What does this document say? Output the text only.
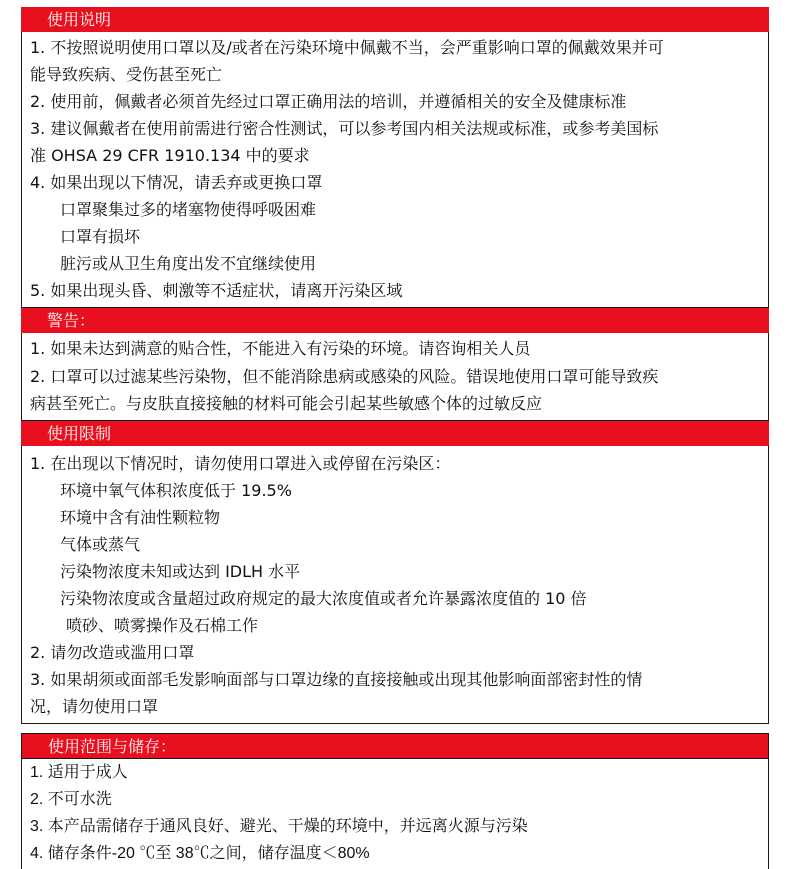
使用说明
1. 不按照说明使用口罩以及/或者在污染环境中佩戴不当，会严重影响口罩的佩戴效果并可
能导致疾病、受伤甚至死亡
2. 使用前，佩戴者必须首先经过口罩正确用法的培训，并遵循相关的安全及健康标准
3. 建议佩戴者在使用前需进行密合性测试，可以参考国内相关法规或标准，或参考美国标
准 OHSA 29 CFR 1910.134 中的要求
4. 如果出现以下情况，请丢弃或更换口罩
口罩聚集过多的堵塞物使得呼吸困难
口罩有损坏
脏污或从卫生角度出发不宜继续使用
5. 如果出现头昏、刺激等不适症状，请离开污染区域
警告：
1. 如果未达到满意的贴合性，不能进入有污染的环境。请咨询相关人员
2. 口罩可以过滤某些污染物，但不能消除患病或感染的风险。错误地使用口罩可能导致疾
病甚至死亡。与皮肤直接接触的材料可能会引起某些敏感个体的过敏反应
使用限制
1. 在出现以下情况时，请勿使用口罩进入或停留在污染区：
环境中氧气体积浓度低于 19.5%
环境中含有油性颗粒物
气体或蒸气
污染物浓度未知或达到 IDLH 水平
污染物浓度或含量超过政府规定的最大浓度值或者允许暴露浓度值的 10 倍
喷砂、喷雾操作及石棉工作
2. 请勿改造或滥用口罩
3. 如果胡须或面部毛发影响面部与口罩边缘的直接接触或出现其他影响面部密封性的情
况，请勿使用口罩
使用范围与储存：
1. 适用于成人
2. 不可水洗
3. 本产品需储存于通风良好、避光、干燥的环境中，并远离火源与污染
4. 储存条件-20 ℃至 38℃之间，储存温度＜80%
